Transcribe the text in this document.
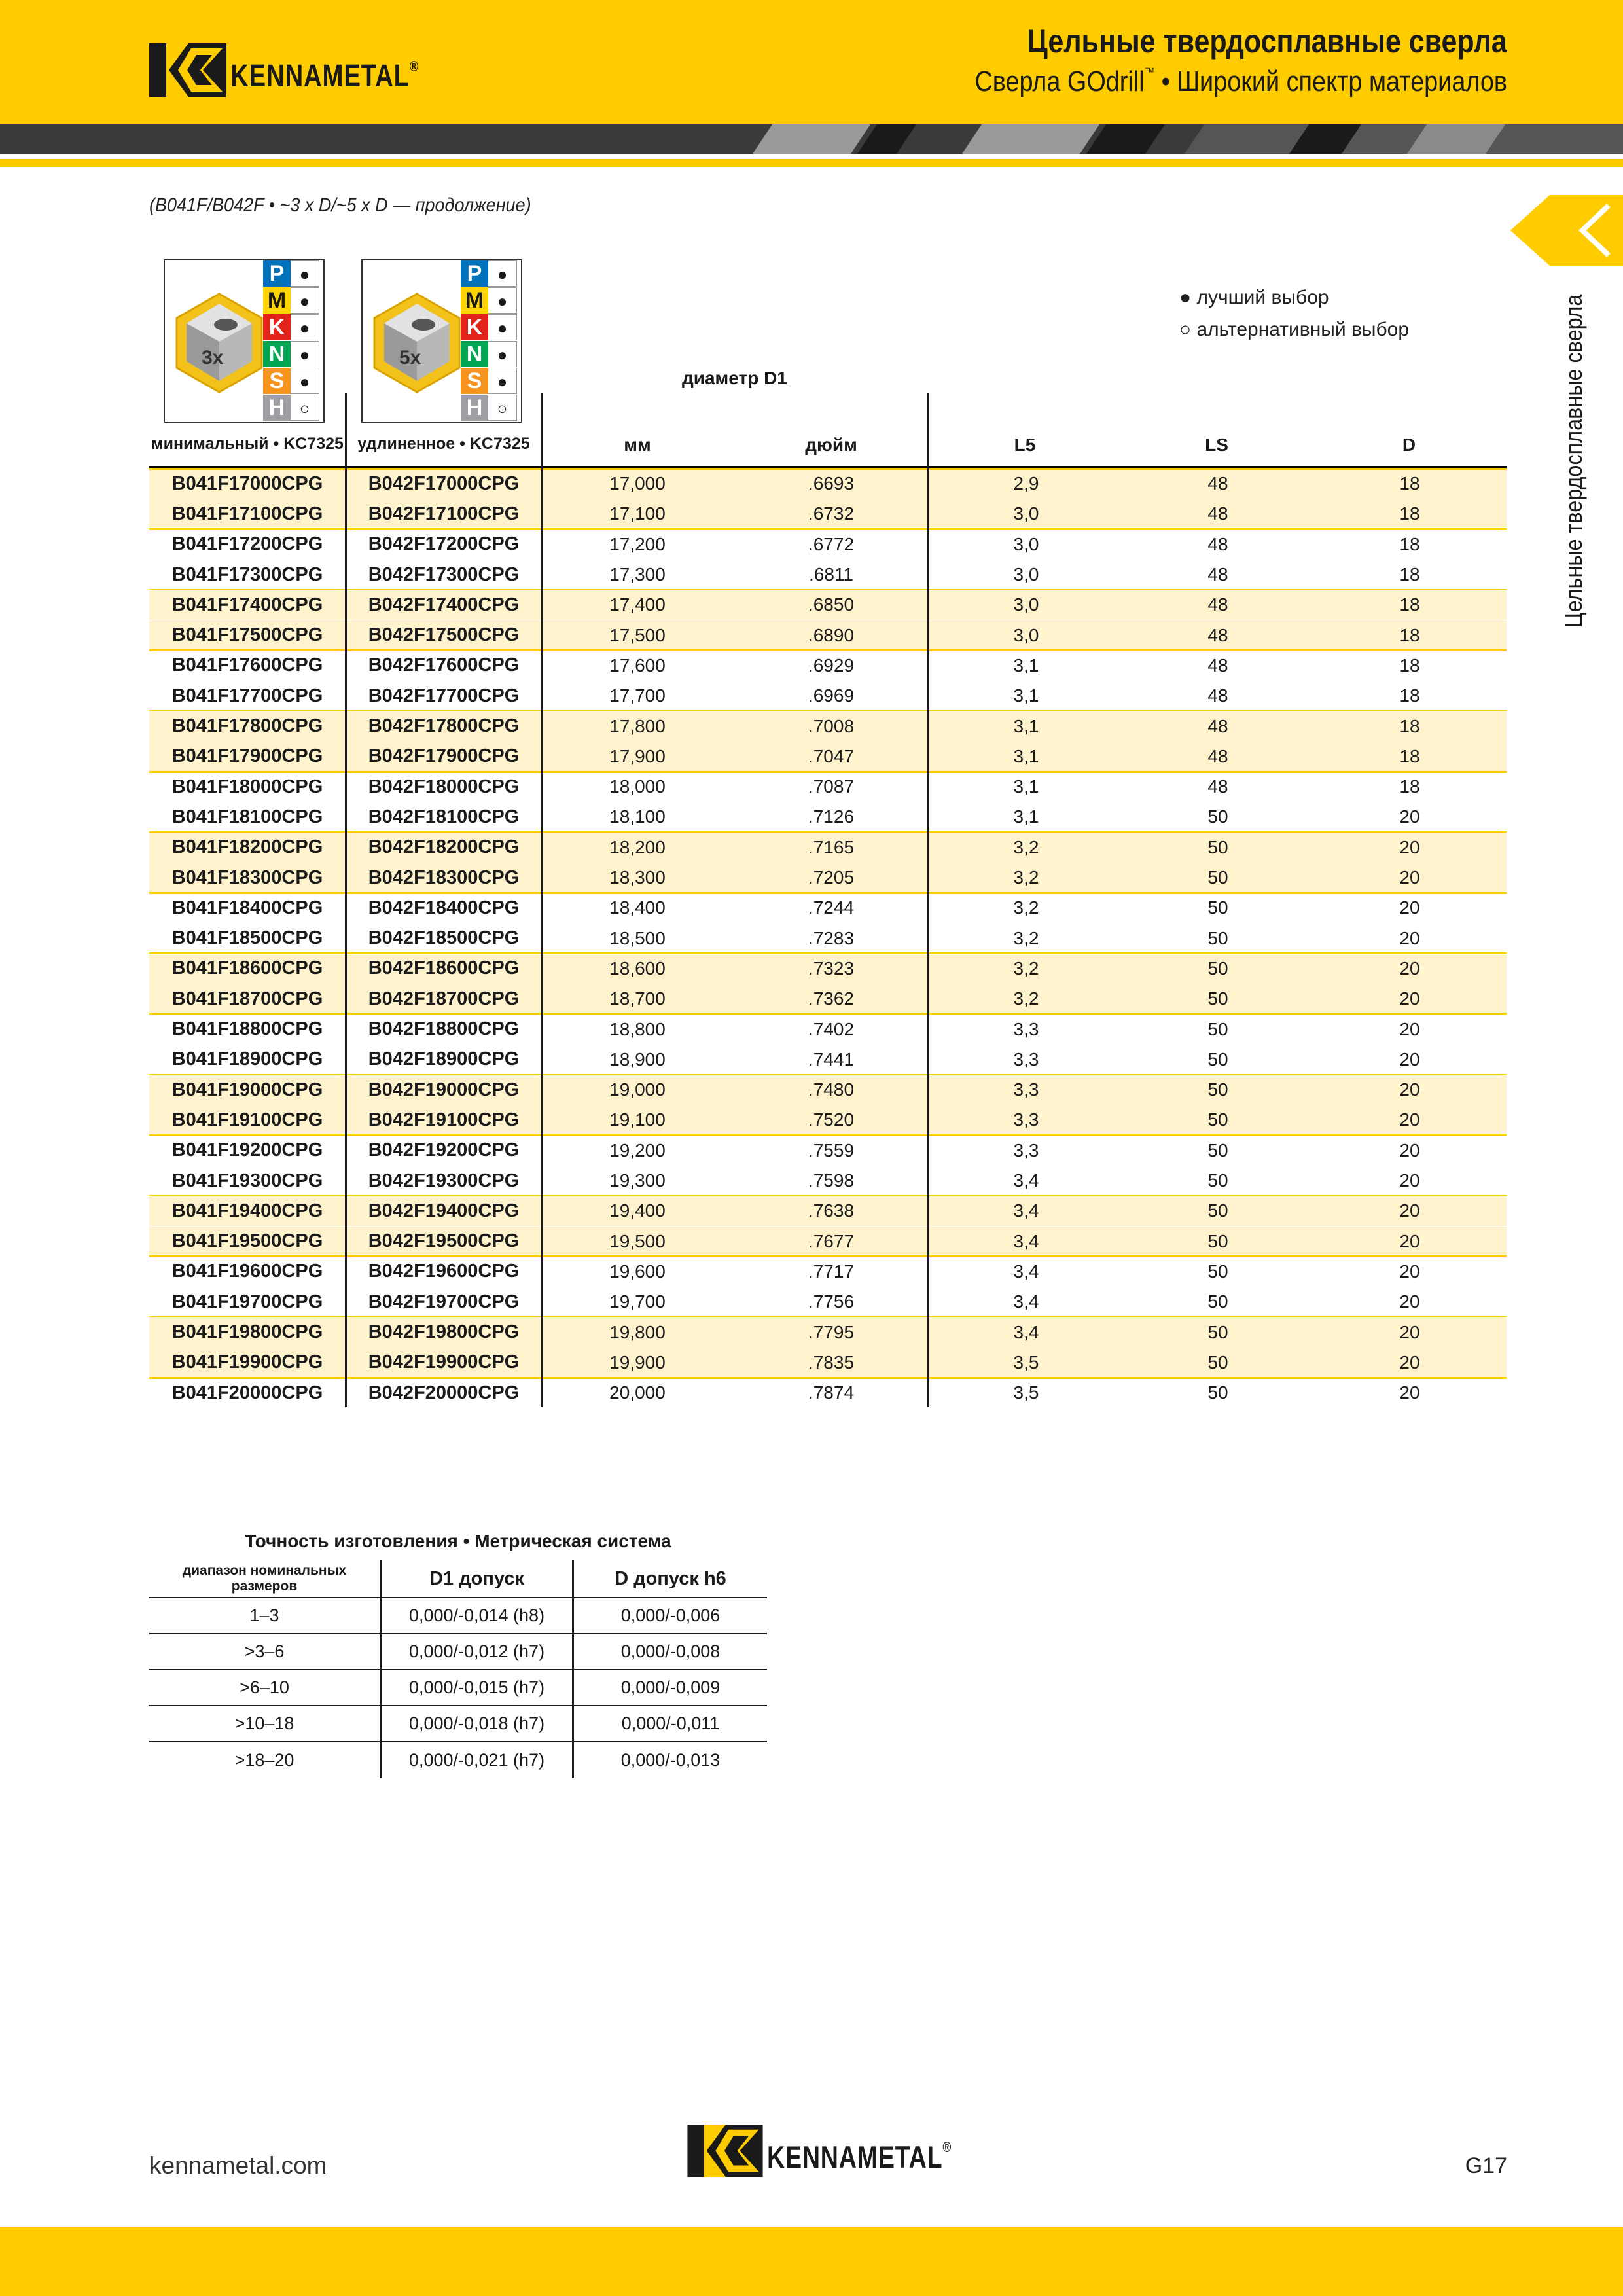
KENNAMETAL®
Цельные твердосплавные сверла
Сверла GOdrill™ • Широкий спектр материалов
Цельные твердосплавные сверла
(B041F/B042F • ~3 x D/~5 x D — продолжение)
3x
P ●
M ●
K ●
N ●
S ●
H ○
5x
P ●
M ●
K ●
N ●
S ●
H ○
● лучший выбор
○ альтернативный выбор
диаметр D1
минимальный • KC7325 удлиненное • KC7325	мм	дюйм	L5	LS	D
B041F17000CPG	B042F17000CPG	17,000	.6693	2,9	48	18
B041F17100CPG	B042F17100CPG	17,100	.6732	3,0	48	18
B041F17200CPG	B042F17200CPG	17,200	.6772	3,0	48	18
B041F17300CPG	B042F17300CPG	17,300	.6811	3,0	48	18
B041F17400CPG	B042F17400CPG	17,400	.6850	3,0	48	18
B041F17500CPG	B042F17500CPG	17,500	.6890	3,0	48	18
B041F17600CPG	B042F17600CPG	17,600	.6929	3,1	48	18
B041F17700CPG	B042F17700CPG	17,700	.6969	3,1	48	18
B041F17800CPG	B042F17800CPG	17,800	.7008	3,1	48	18
B041F17900CPG	B042F17900CPG	17,900	.7047	3,1	48	18
B041F18000CPG	B042F18000CPG	18,000	.7087	3,1	48	18
B041F18100CPG	B042F18100CPG	18,100	.7126	3,1	50	20
B041F18200CPG	B042F18200CPG	18,200	.7165	3,2	50	20
B041F18300CPG	B042F18300CPG	18,300	.7205	3,2	50	20
B041F18400CPG	B042F18400CPG	18,400	.7244	3,2	50	20
B041F18500CPG	B042F18500CPG	18,500	.7283	3,2	50	20
B041F18600CPG	B042F18600CPG	18,600	.7323	3,2	50	20
B041F18700CPG	B042F18700CPG	18,700	.7362	3,2	50	20
B041F18800CPG	B042F18800CPG	18,800	.7402	3,3	50	20
B041F18900CPG	B042F18900CPG	18,900	.7441	3,3	50	20
B041F19000CPG	B042F19000CPG	19,000	.7480	3,3	50	20
B041F19100CPG	B042F19100CPG	19,100	.7520	3,3	50	20
B041F19200CPG	B042F19200CPG	19,200	.7559	3,3	50	20
B041F19300CPG	B042F19300CPG	19,300	.7598	3,4	50	20
B041F19400CPG	B042F19400CPG	19,400	.7638	3,4	50	20
B041F19500CPG	B042F19500CPG	19,500	.7677	3,4	50	20
B041F19600CPG	B042F19600CPG	19,600	.7717	3,4	50	20
B041F19700CPG	B042F19700CPG	19,700	.7756	3,4	50	20
B041F19800CPG	B042F19800CPG	19,800	.7795	3,4	50	20
B041F19900CPG	B042F19900CPG	19,900	.7835	3,5	50	20
B041F20000CPG	B042F20000CPG	20,000	.7874	3,5	50	20
Точность изготовления • Метрическая система
диапазон номинальных размеров	D1 допуск	D допуск h6
1–3	0,000/-0,014 (h8)	0,000/-0,006
>3–6	0,000/-0,012 (h7)	0,000/-0,008
>6–10	0,000/-0,015 (h7)	0,000/-0,009
>10–18	0,000/-0,018 (h7)	0,000/-0,011
>18–20	0,000/-0,021 (h7)	0,000/-0,013
kennametal.com	KENNAMETAL®
G17
